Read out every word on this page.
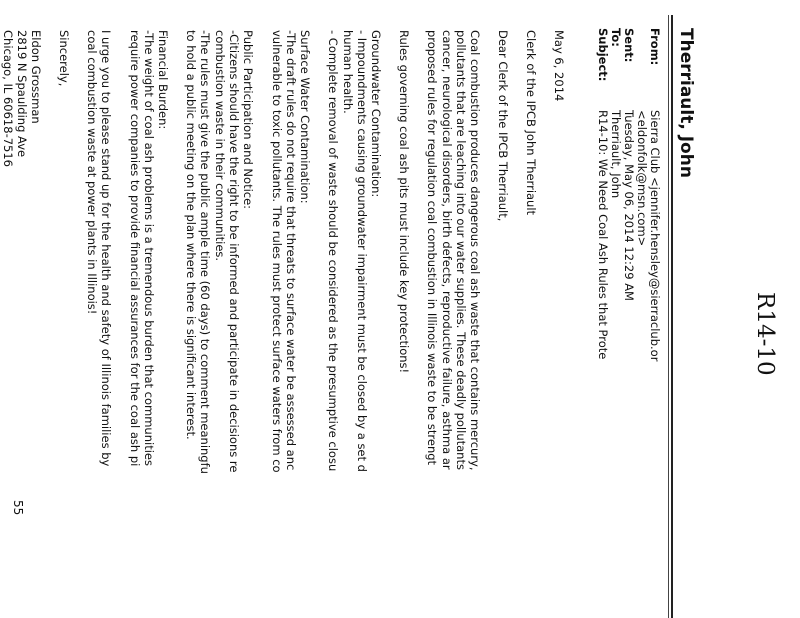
R14-10
Therriault, John
From:
Sierra Club <jennifer.hensley@sierraclub.or
<eldonfolk@msn.com>
Sent:
Tuesday, May 06, 2014 12:29 AM
To:
Therriault, John
Subject:
R14-10: We Need Coal Ash Rules that Prote
May 6, 2014
Clerk of the IPCB John Therriault
Dear Clerk of the IPCB Therriault,
Coal combustion produces dangerous coal ash waste that contains mercury,
pollutants that are leaching into our water supplies. These deadly pollutants
cancer, neurological disorders, birth defects, reproductive failure, asthma ar
proposed rules for regulation coal combustion in Illinois waste to be strengt
Rules governing coal ash pits must include key protections!
Groundwater Contamination:
- Impoundments causing groundwater impairment must be closed by a set d
human health.
- Complete removal of waste should be considered as the presumptive closu
Surface Water Contamination:
-The draft rules do not require that threats to surface water be assessed anc
vulnerable to toxic pollutants. The rules must protect surface waters from co
Public Participation and Notice:
-Citizens should have the right to be informed and participate in decisions re
combustion waste in their communities.
-The rules must give the public ample time (60 days) to comment meaningfu
to hold a public meeting on the plan where there is significant interest.
Financial Burden:
-The weight of coal ash problems is a tremendous burden that communities
require power companies to provide financial assurances for the coal ash pi
I urge you to please stand up for the health and safety of Illinois families by
coal combustion waste at power plants in Illinois!
Sincerely,
Eldon Grossman
2819 N Spaulding Ave
Chicago, IL 60618-7516
55
